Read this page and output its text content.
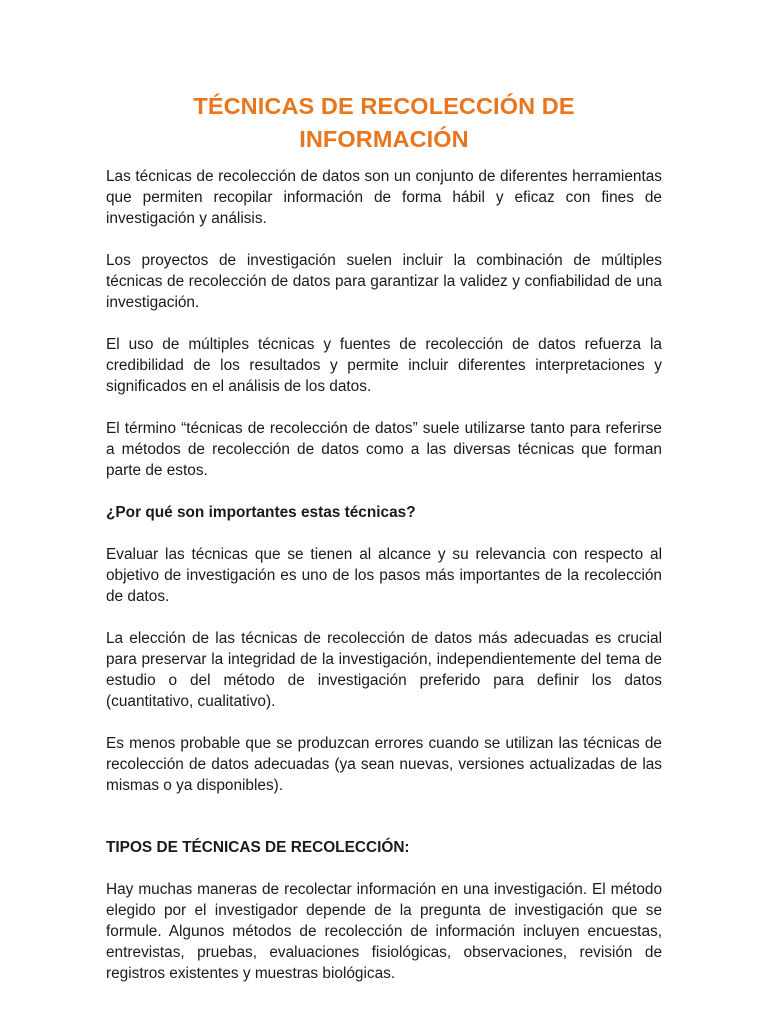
TÉCNICAS DE RECOLECCIÓN DE
INFORMACIÓN

Las técnicas de recolección de datos son un conjunto de diferentes herramientas que permiten recopilar información de forma hábil y eficaz con fines de investigación y análisis.

Los proyectos de investigación suelen incluir la combinación de múltiples técnicas de recolección de datos para garantizar la validez y confiabilidad de una investigación.

El uso de múltiples técnicas y fuentes de recolección de datos refuerza la credibilidad de los resultados y permite incluir diferentes interpretaciones y significados en el análisis de los datos.

El término “técnicas de recolección de datos” suele utilizarse tanto para referirse a métodos de recolección de datos como a las diversas técnicas que forman parte de estos.

¿Por qué son importantes estas técnicas?

Evaluar las técnicas que se tienen al alcance y su relevancia con respecto al objetivo de investigación es uno de los pasos más importantes de la recolección de datos.

La elección de las técnicas de recolección de datos más adecuadas es crucial para preservar la integridad de la investigación, independientemente del tema de estudio o del método de investigación preferido para definir los datos (cuantitativo, cualitativo).

Es menos probable que se produzcan errores cuando se utilizan las técnicas de recolección de datos adecuadas (ya sean nuevas, versiones actualizadas de las mismas o ya disponibles).

TIPOS DE TÉCNICAS DE RECOLECCIÓN:

Hay muchas maneras de recolectar información en una investigación. El método elegido por el investigador depende de la pregunta de investigación que se formule. Algunos métodos de recolección de información incluyen encuestas, entrevistas, pruebas, evaluaciones fisiológicas, observaciones, revisión de registros existentes y muestras biológicas.
